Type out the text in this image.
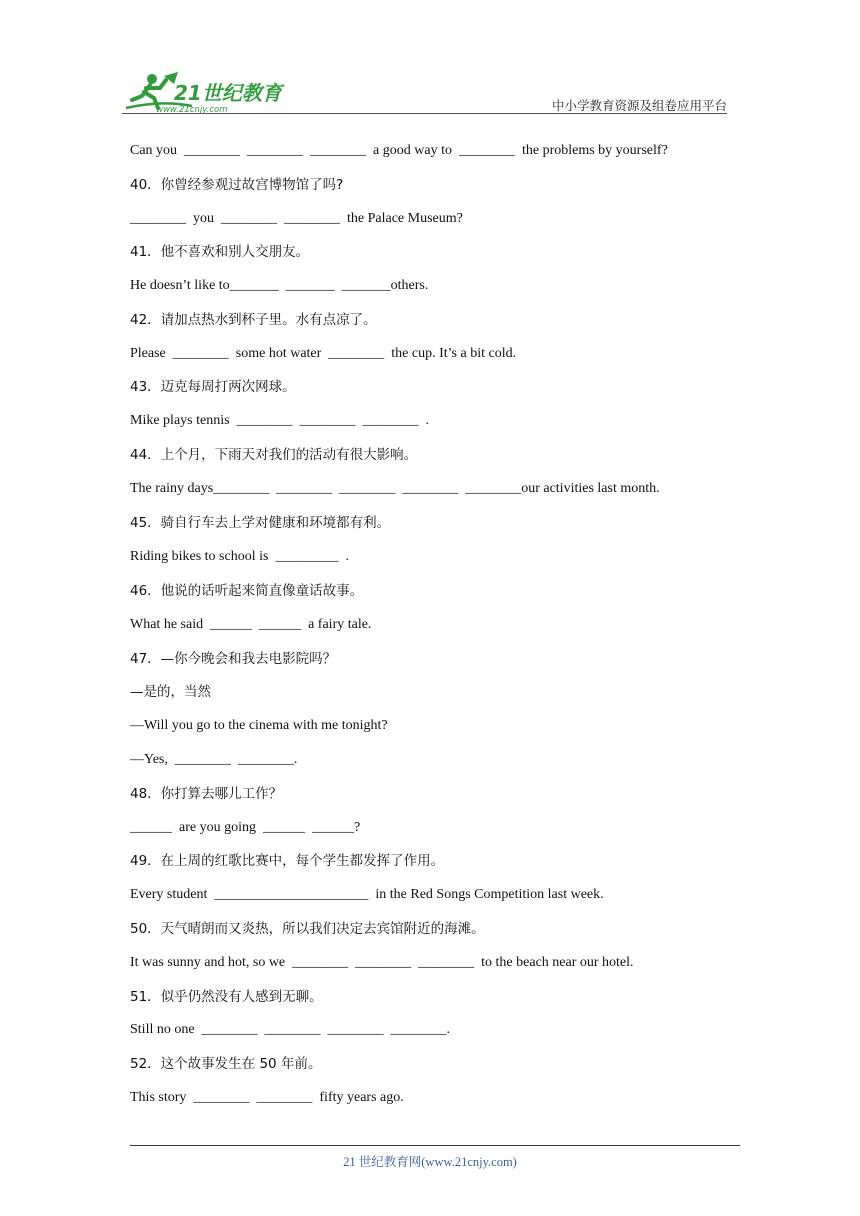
21世纪教育
www.21cnjy.com	中小学教育资源及组卷应用平台
Can you  ________  ________  ________  a good way to  ________  the problems by yourself?
40．你曾经参观过故宫博物馆了吗?
________  you  ________  ________  the Palace Museum?
41．他不喜欢和别人交朋友。
He doesn’t like to_______  _______  _______others.
42．请加点热水到杯子里。水有点凉了。
Please  ________  some hot water  ________  the cup. It’s a bit cold.
43．迈克每周打两次网球。
Mike plays tennis  ________  ________  ________  .
44．上个月，下雨天对我们的活动有很大影响。
The rainy days________  ________  ________  ________  ________our activities last month.
45．骑自行车去上学对健康和环境都有利。
Riding bikes to school is  _________  .
46．他说的话听起来简直像童话故事。
What he said  ______  ______  a fairy tale.
47．—你今晚会和我去电影院吗？
—是的，当然
—Will you go to the cinema with me tonight?
—Yes,  ________  ________.
48．你打算去哪儿工作？
______  are you going  ______  ______?
49．在上周的红歌比赛中，每个学生都发挥了作用。
Every student  ______________________  in the Red Songs Competition last week.
50．天气晴朗而又炎热，所以我们决定去宾馆附近的海滩。
It was sunny and hot, so we  ________  ________  ________  to the beach near our hotel.
51．似乎仍然没有人感到无聊。
Still no one  ________  ________  ________  ________.
52．这个故事发生在 50 年前。
This story  ________  ________  fifty years ago.
21 世纪教育网(www.21cnjy.com)
